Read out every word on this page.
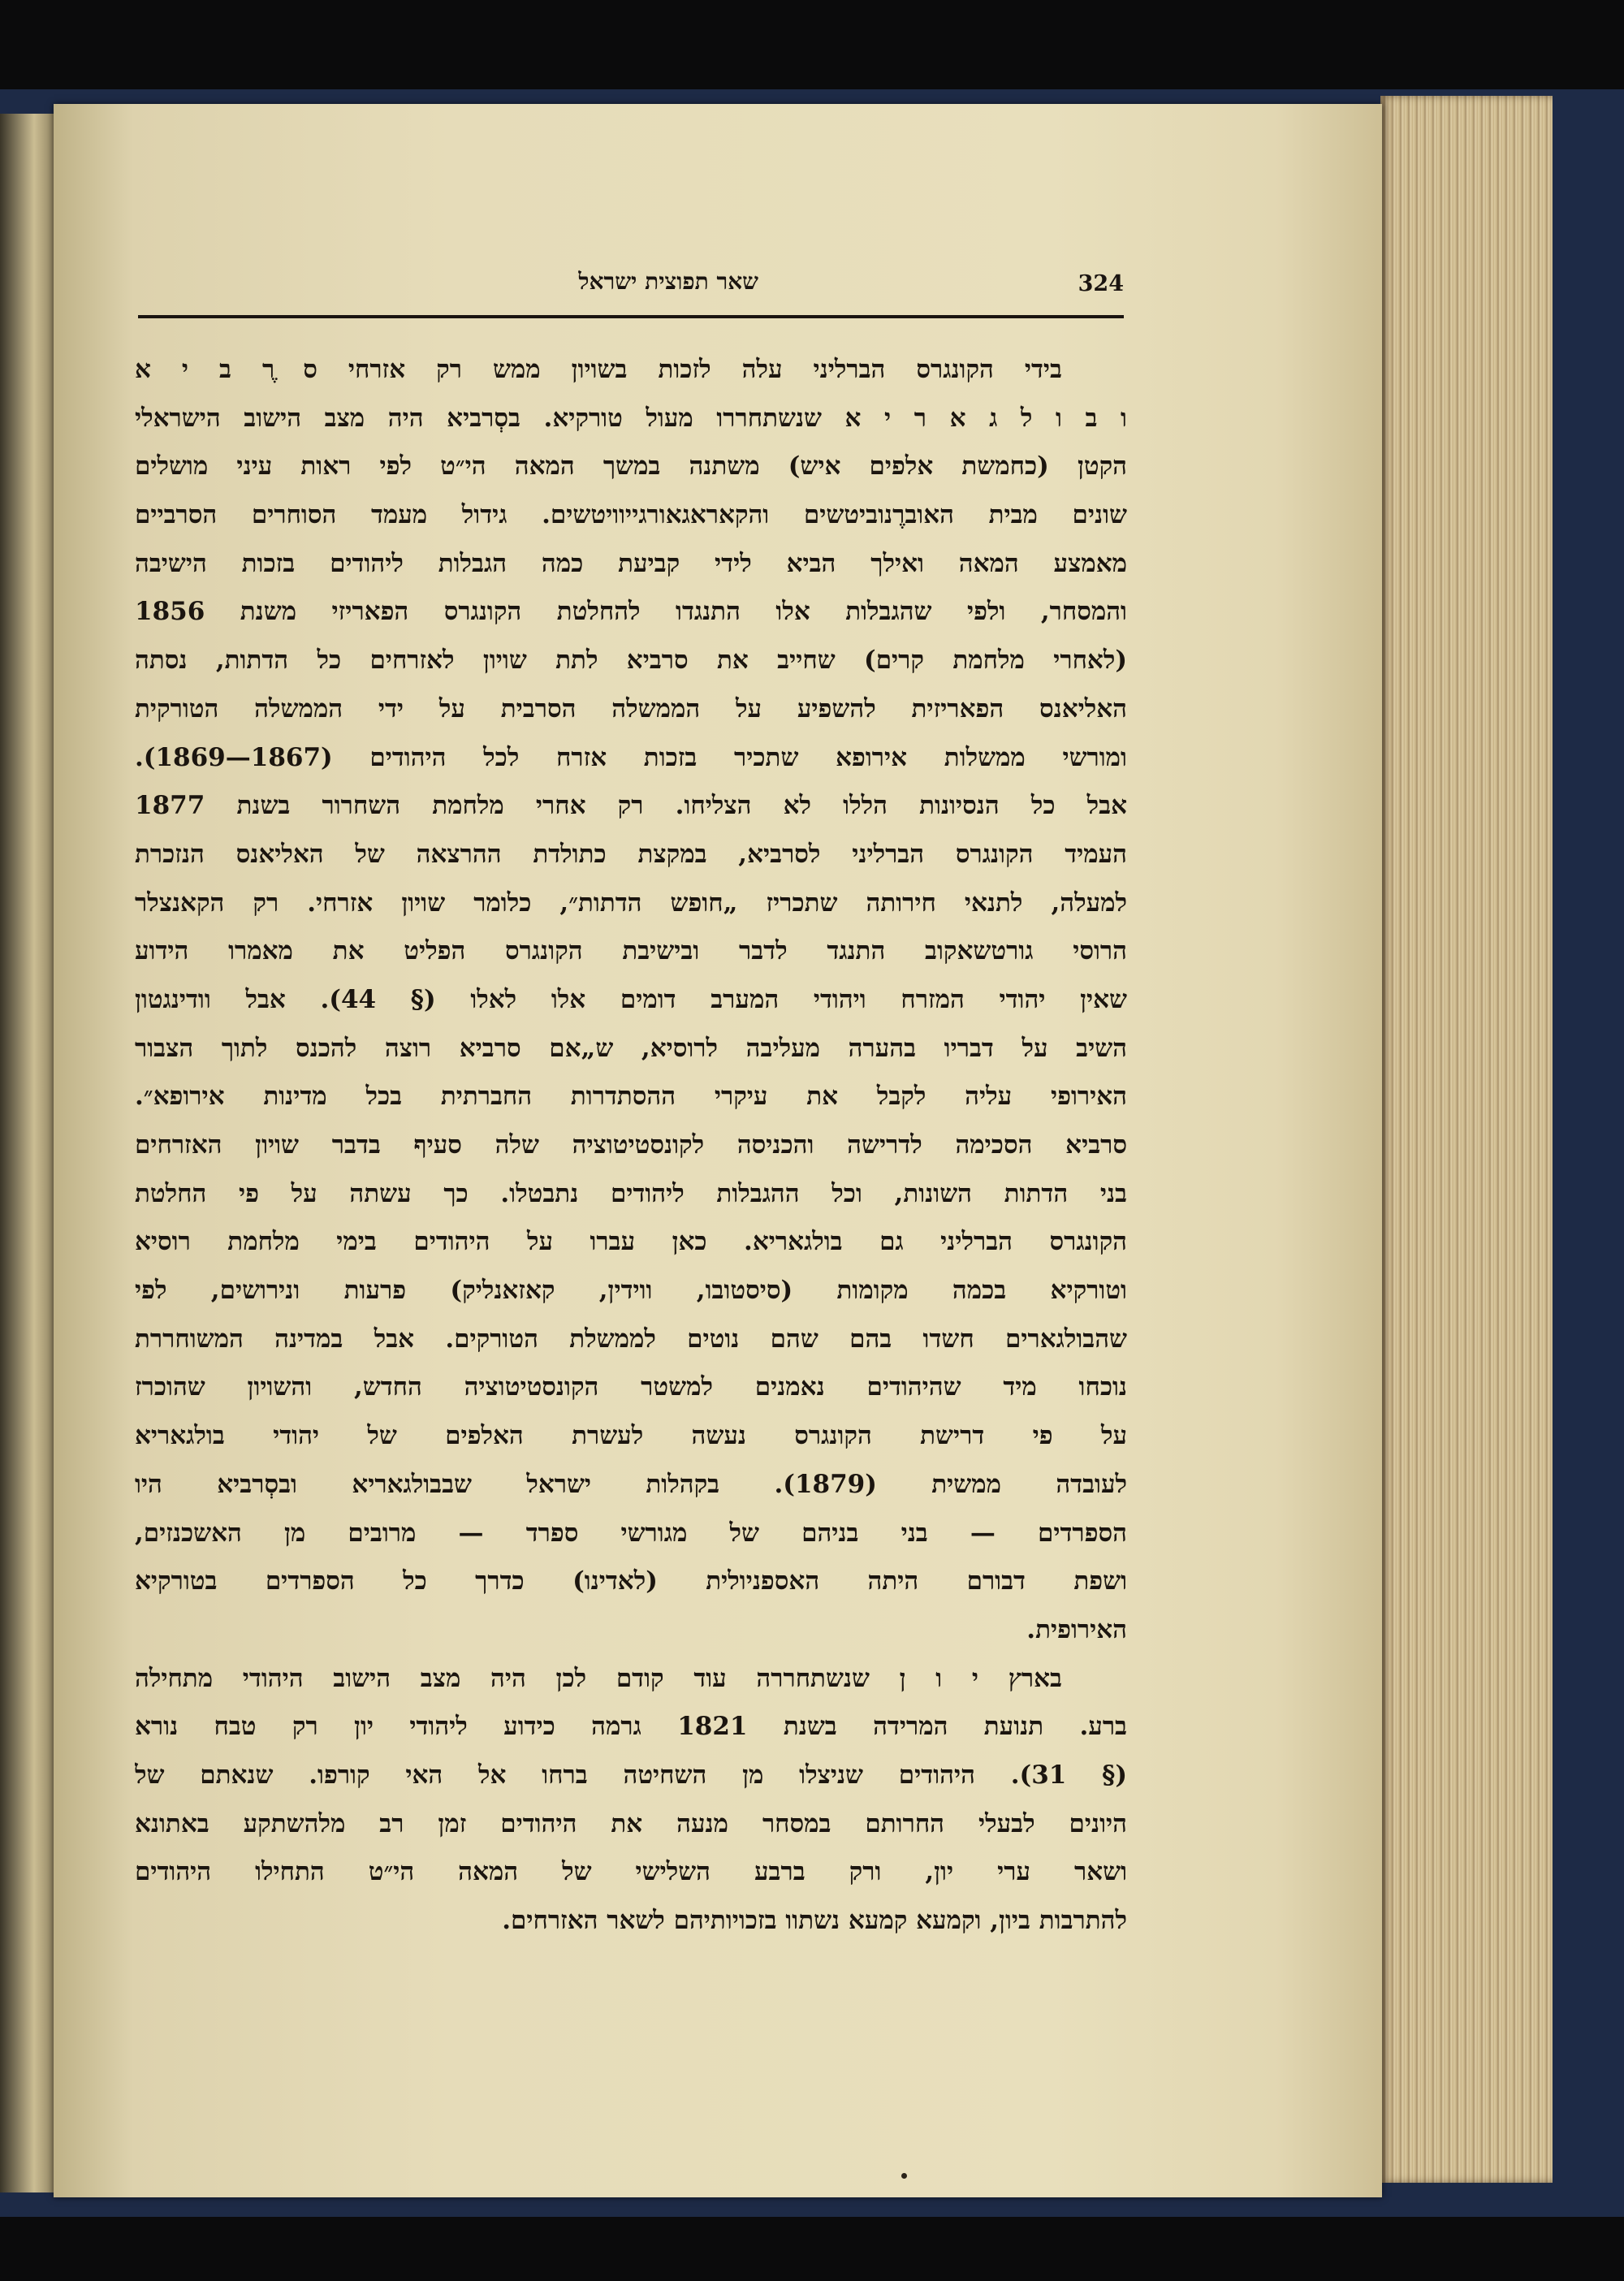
324
שאר תפוצית ישראל
בידי הקונגרס הברליני עלה לזכות בשויון ממש רק אזרחי ס ֶר ב י א
ו ב ו ל ג א ר י א שנשתחררו מעול טורקיא. בסְרביא היה מצב הישוב הישראלי
הקטן (כחמשת אלפים איש) משתנה במשך המאה הי״ט לפי ראות עיני מושלים
שונים מבית האוברֶנוביטשים והקאראגאורגייוויטשים. גידול מעמד הסוחרים הסרביים
מאמצע המאה ואילך הביא לידי קביעת כמה הגבלות ליהודים בזכות הישיבה
והמסחר, ולפי שהגבלות אלו התנגדו להחלטת הקונגרס הפאריזי משנת 1856
(לאחרי מלחמת קרים) שחייב את סרביא לתת שויון לאזרחים כל הדתות, נסתה
האליאנס הפאריזית להשפיע על הממשלה הסרבית על ידי הממשלה הטורקית
ומורשי ממשלות אירופא שתכיר בזכות אזרח לכל היהודים (1867—1869).
אבל כל הנסיונות הללו לא הצליחו. רק אחרי מלחמת השחרור בשנת 1877
העמיד הקונגרס הברליני לסרביא, במקצת כתולדת ההרצאה של האליאנס הנזכרת
למעלה, לתנאי חירותה שתכריז „חופש הדתות״, כלומר שויון אזרחי. רק הקאנצלר
הרוסי גורטשאקוב התנגד לדבר ובישיבת הקונגרס הפליט את מאמרו הידוע
שאין יהודי המזרח ויהודי המערב דומים אלו לאלו (§ 44). אבל וודינגטון
השיב על דבריו בהערה מעליבה לרוסיא, ש„אם סרביא רוצה להכנס לתוך הצבור
האירופי עליה לקבל את עיקרי ההסתדרות החברתית בכל מדינות אירופא״.
סרביא הסכימה לדרישה והכניסה לקונסטיטוציה שלה סעיף בדבר שויון האזרחים
בני הדתות השונות, וכל ההגבלות ליהודים נתבטלו. כך עשתה על פי החלטת
הקונגרס הברליני גם בולגאריא. כאן עברו על היהודים בימי מלחמת רוסיא
וטורקיא בכמה מקומות (סיסטובו, ווידין, קאזאנליק) פרעות ונירושים, לפי
שהבולגארים חשדו בהם שהם נוטים לממשלת הטורקים. אבל במדינה המשוחררת
נוכחו מיד שהיהודים נאמנים למשטר הקונסטיטוציה החדש, והשויון שהוכרז
על פי דרישת הקונגרס נעשה לעשרת האלפים של יהודי בולגאריא
לעובדה ממשית (1879). בקהלות ישראל שבבולגאריא ובסְרביא היו
הספרדים — בני בניהם של מגורשי ספרד — מרובים מן האשכנזים,
ושפת דבורם היתה האספניולית (לאדינו) כדרך כל הספרדים בטורקיא
האירופית.
בארץ י ו ן שנשתחררה עוד קודם לכן היה מצב הישוב היהודי מתחילה
ברע. תנועת המרידה בשנת 1821 גרמה כידוע ליהודי יון רק טבח נורא
(§ 31). היהודים שניצלו מן השחיטה ברחו אל האי קורפו. שנאתם של
היונים לבעלי החרותם במסחר מנעה את היהודים זמן רב מלהשתקע באתונא
ושאר ערי יון, ורק ברבע השלישי של המאה הי״ט התחילו היהודים
להתרבות ביון, וקמעא קמעא נשתוו בזכויותיהם לשאר האזרחים.
